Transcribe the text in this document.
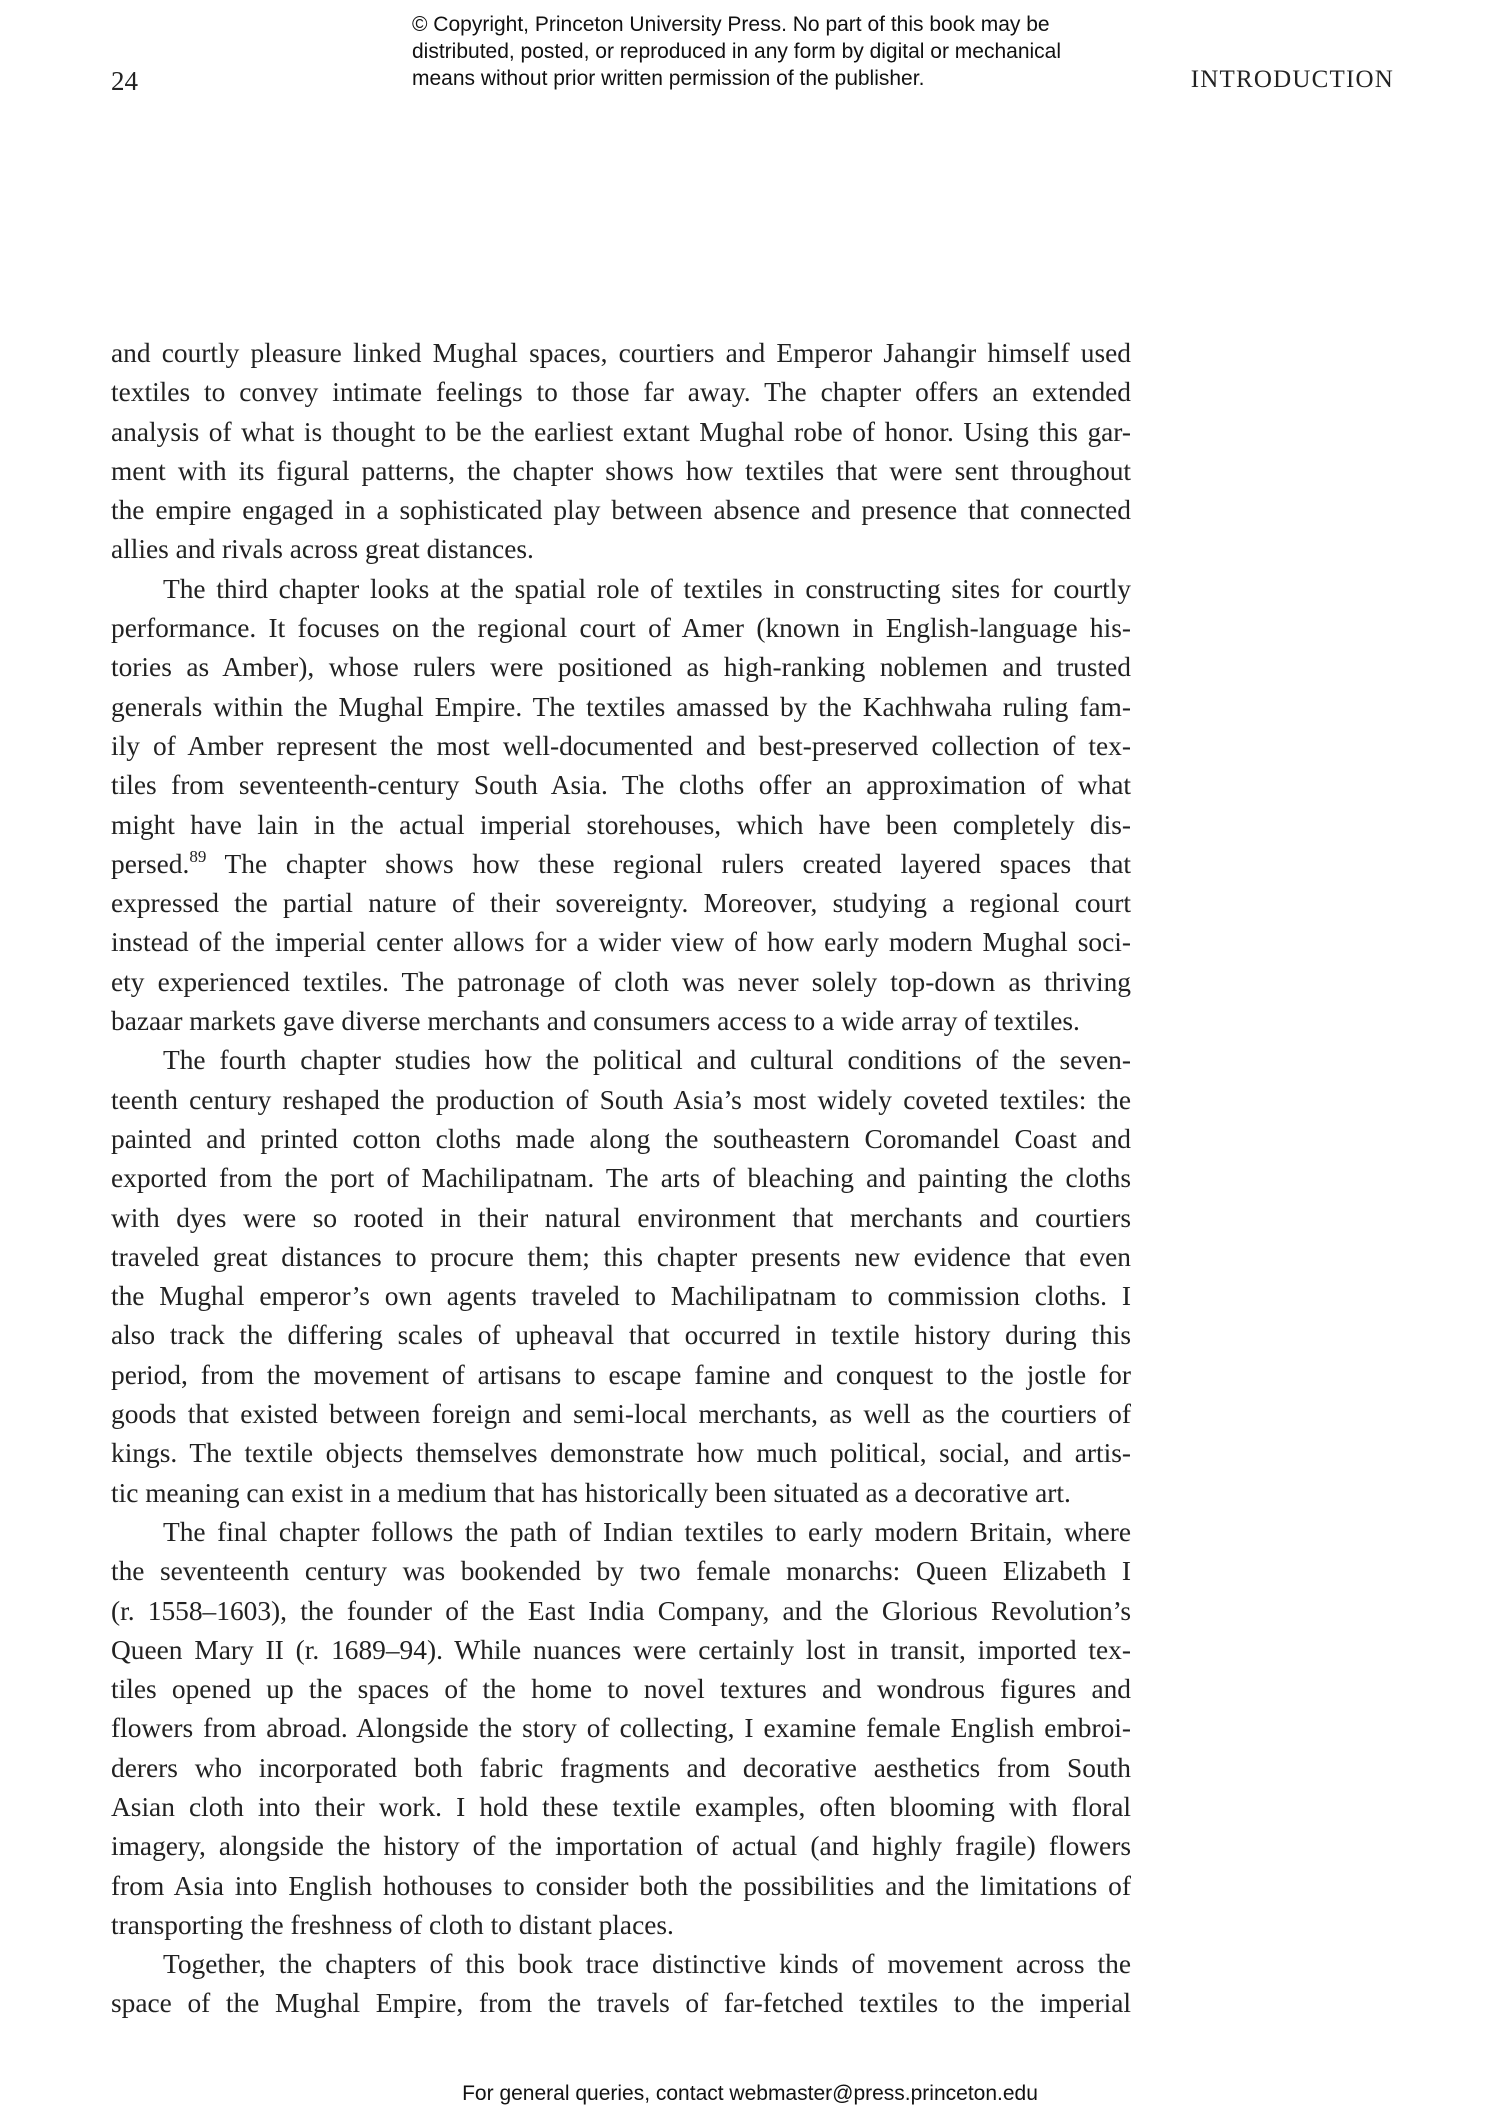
© Copyright, Princeton University Press. No part of this book may be
distributed, posted, or reproduced in any form by digital or mechanical
means without prior written permission of the publisher.
24	INTRODUCTION
and courtly pleasure linked Mughal spaces, courtiers and Emperor Jahangir himself used
textiles to convey intimate feelings to those far away. The chapter offers an extended
analysis of what is thought to be the earliest extant Mughal robe of honor. Using this gar-
ment with its figural patterns, the chapter shows how textiles that were sent throughout
the empire engaged in a sophisticated play between absence and presence that connected
allies and rivals across great distances.
The third chapter looks at the spatial role of textiles in constructing sites for courtly
performance. It focuses on the regional court of Amer (known in English-language his-
tories as Amber), whose rulers were positioned as high-ranking noblemen and trusted
generals within the Mughal Empire. The textiles amassed by the Kachhwaha ruling fam-
ily of Amber represent the most well-documented and best-preserved collection of tex-
tiles from seventeenth-century South Asia. The cloths offer an approximation of what
might have lain in the actual imperial storehouses, which have been completely dis-
persed.$^{89}$ The chapter shows how these regional rulers created layered spaces that
expressed the partial nature of their sovereignty. Moreover, studying a regional court
instead of the imperial center allows for a wider view of how early modern Mughal soci-
ety experienced textiles. The patronage of cloth was never solely top-down as thriving
bazaar markets gave diverse merchants and consumers access to a wide array of textiles.
The fourth chapter studies how the political and cultural conditions of the seven-
teenth century reshaped the production of South Asia’s most widely coveted textiles: the
painted and printed cotton cloths made along the southeastern Coromandel Coast and
exported from the port of Machilipatnam. The arts of bleaching and painting the cloths
with dyes were so rooted in their natural environment that merchants and courtiers
traveled great distances to procure them; this chapter presents new evidence that even
the Mughal emperor’s own agents traveled to Machilipatnam to commission cloths. I
also track the differing scales of upheaval that occurred in textile history during this
period, from the movement of artisans to escape famine and conquest to the jostle for
goods that existed between foreign and semi-local merchants, as well as the courtiers of
kings. The textile objects themselves demonstrate how much political, social, and artis-
tic meaning can exist in a medium that has historically been situated as a decorative art.
The final chapter follows the path of Indian textiles to early modern Britain, where
the seventeenth century was bookended by two female monarchs: Queen Elizabeth I
(r. 1558–1603), the founder of the East India Company, and the Glorious Revolution’s
Queen Mary II (r. 1689–94). While nuances were certainly lost in transit, imported tex-
tiles opened up the spaces of the home to novel textures and wondrous figures and
flowers from abroad. Alongside the story of collecting, I examine female English embroi-
derers who incorporated both fabric fragments and decorative aesthetics from South
Asian cloth into their work. I hold these textile examples, often blooming with floral
imagery, alongside the history of the importation of actual (and highly fragile) flowers
from Asia into English hothouses to consider both the possibilities and the limitations of
transporting the freshness of cloth to distant places.
Together, the chapters of this book trace distinctive kinds of movement across the
space of the Mughal Empire, from the travels of far-fetched textiles to the imperial
For general queries, contact webmaster@press.princeton.edu
